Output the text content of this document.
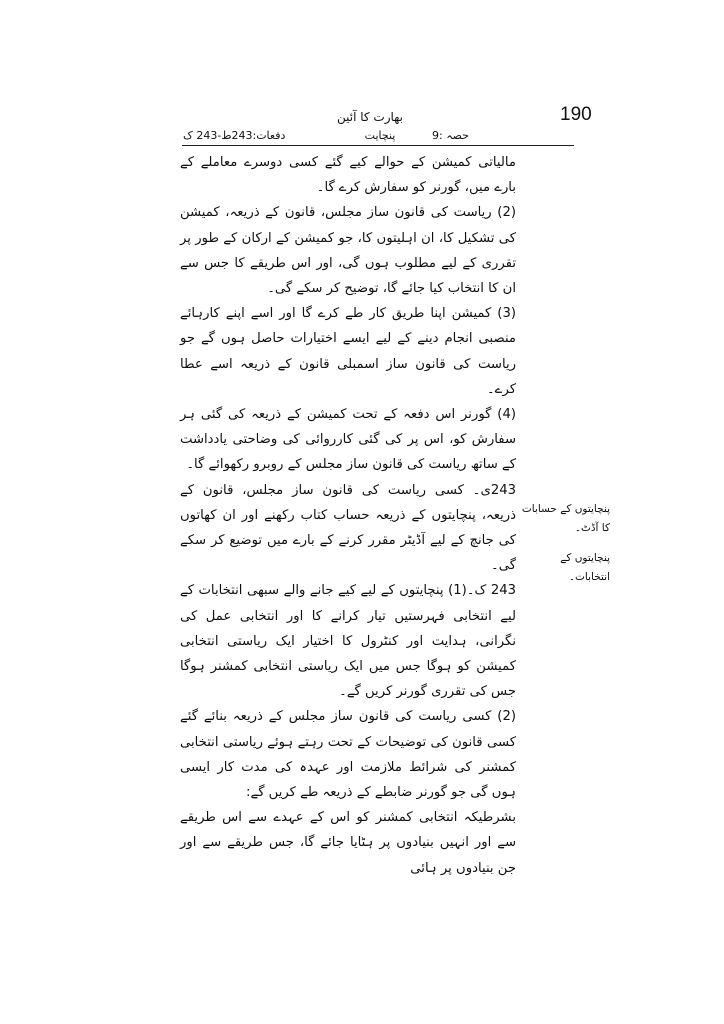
190
بھارت کا آئین
حصہ :9
پنچایت
دفعات:243ط-243 ک
پنچایتوں کے حسابات کا آڈٹ۔
پنچایتوں کے انتخابات۔

مالیاتی کمیشن کے حوالے کیے گئے کسی دوسرے معاملے کے بارے میں، گورنر کو سفارش کرے گا۔

(2) ریاست کی قانون ساز مجلس، قانون کے ذریعہ، کمیشن کی تشکیل کا، ان اہلیتوں کا، جو کمیشن کے ارکان کے طور پر تقرری کے لیے مطلوب ہوں گی، اور اس طریقے کا جس سے ان کا انتخاب کیا جائے گا، توضیح کر سکے گی۔

(3) کمیشن اپنا طریق کار طے کرے گا اور اسے اپنے کارہائے منصبی انجام دینے کے لیے ایسے اختیارات حاصل ہوں گے جو ریاست کی قانون ساز اسمبلی قانون کے ذریعہ اسے عطا کرے۔

(4) گورنر اس دفعہ کے تحت کمیشن کے ذریعہ کی گئی ہر سفارش کو، اس پر کی گئی کارروائی کی وضاحتی یادداشت کے ساتھ ریاست کی قانون ساز مجلس کے روبرو رکھوائے گا۔

243ی۔ کسی ریاست کی قانون ساز مجلس، قانون کے ذریعہ، پنچایتوں کے ذریعہ حساب کتاب رکھنے اور ان کھاتوں کی جانچ کے لیے آڈیٹر مقرر کرنے کے بارے میں توضیع کر سکے گی۔

243 ک۔(1) پنچایتوں کے لیے کیے جانے والے سبھی انتخابات کے لیے انتخابی فہرستیں تیار کرانے کا اور انتخابی عمل کی نگرانی، ہدایت اور کنٹرول کا اختیار ایک ریاستی انتخابی کمیشن کو ہوگا جس میں ایک ریاستی انتخابی کمشنر ہوگا جس کی تقرری گورنر کریں گے۔

(2) کسی ریاست کی قانون ساز مجلس کے ذریعہ بنائے گئے کسی قانون کی توضیحات کے تحت رہتے ہوئے ریاستی انتخابی کمشنر کی شرائط ملازمت اور عہدہ کی مدت کار ایسی ہوں گی جو گورنر ضابطے کے ذریعہ طے کریں گے:

بشرطیکہ انتخابی کمشنر کو اس کے عہدے سے اس طریقے سے اور انہیں بنیادوں پر ہٹایا جائے گا، جس طریقے سے اور جن بنیادوں پر ہائی
